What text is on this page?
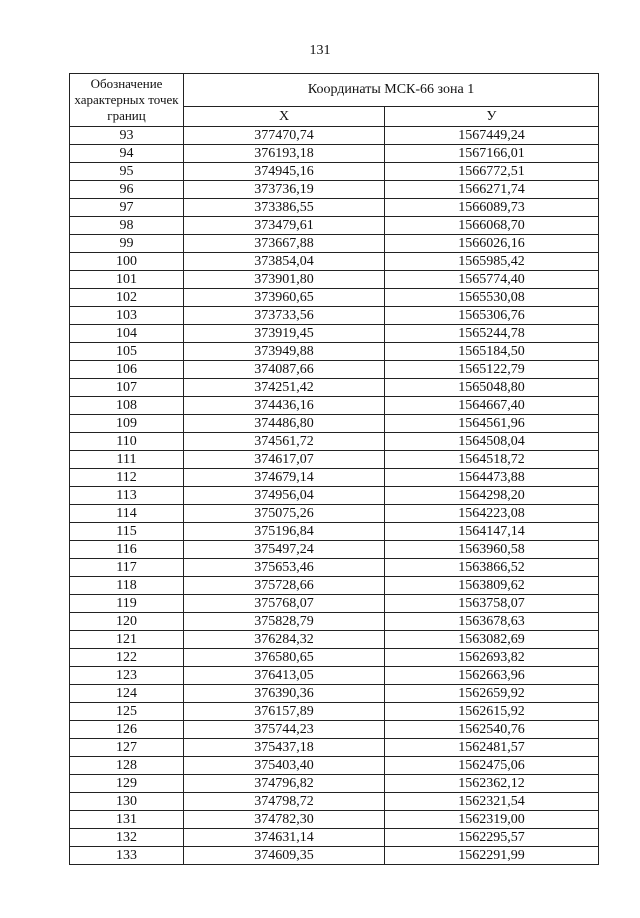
131
Обозначение характерных точек границ	Координаты МСК-66 зона 1	
	Х	У
93	377470,74	1567449,24
94	376193,18	1567166,01
95	374945,16	1566772,51
96	373736,19	1566271,74
97	373386,55	1566089,73
98	373479,61	1566068,70
99	373667,88	1566026,16
100	373854,04	1565985,42
101	373901,80	1565774,40
102	373960,65	1565530,08
103	373733,56	1565306,76
104	373919,45	1565244,78
105	373949,88	1565184,50
106	374087,66	1565122,79
107	374251,42	1565048,80
108	374436,16	1564667,40
109	374486,80	1564561,96
110	374561,72	1564508,04
111	374617,07	1564518,72
112	374679,14	1564473,88
113	374956,04	1564298,20
114	375075,26	1564223,08
115	375196,84	1564147,14
116	375497,24	1563960,58
117	375653,46	1563866,52
118	375728,66	1563809,62
119	375768,07	1563758,07
120	375828,79	1563678,63
121	376284,32	1563082,69
122	376580,65	1562693,82
123	376413,05	1562663,96
124	376390,36	1562659,92
125	376157,89	1562615,92
126	375744,23	1562540,76
127	375437,18	1562481,57
128	375403,40	1562475,06
129	374796,82	1562362,12
130	374798,72	1562321,54
131	374782,30	1562319,00
132	374631,14	1562295,57
133	374609,35	1562291,99
